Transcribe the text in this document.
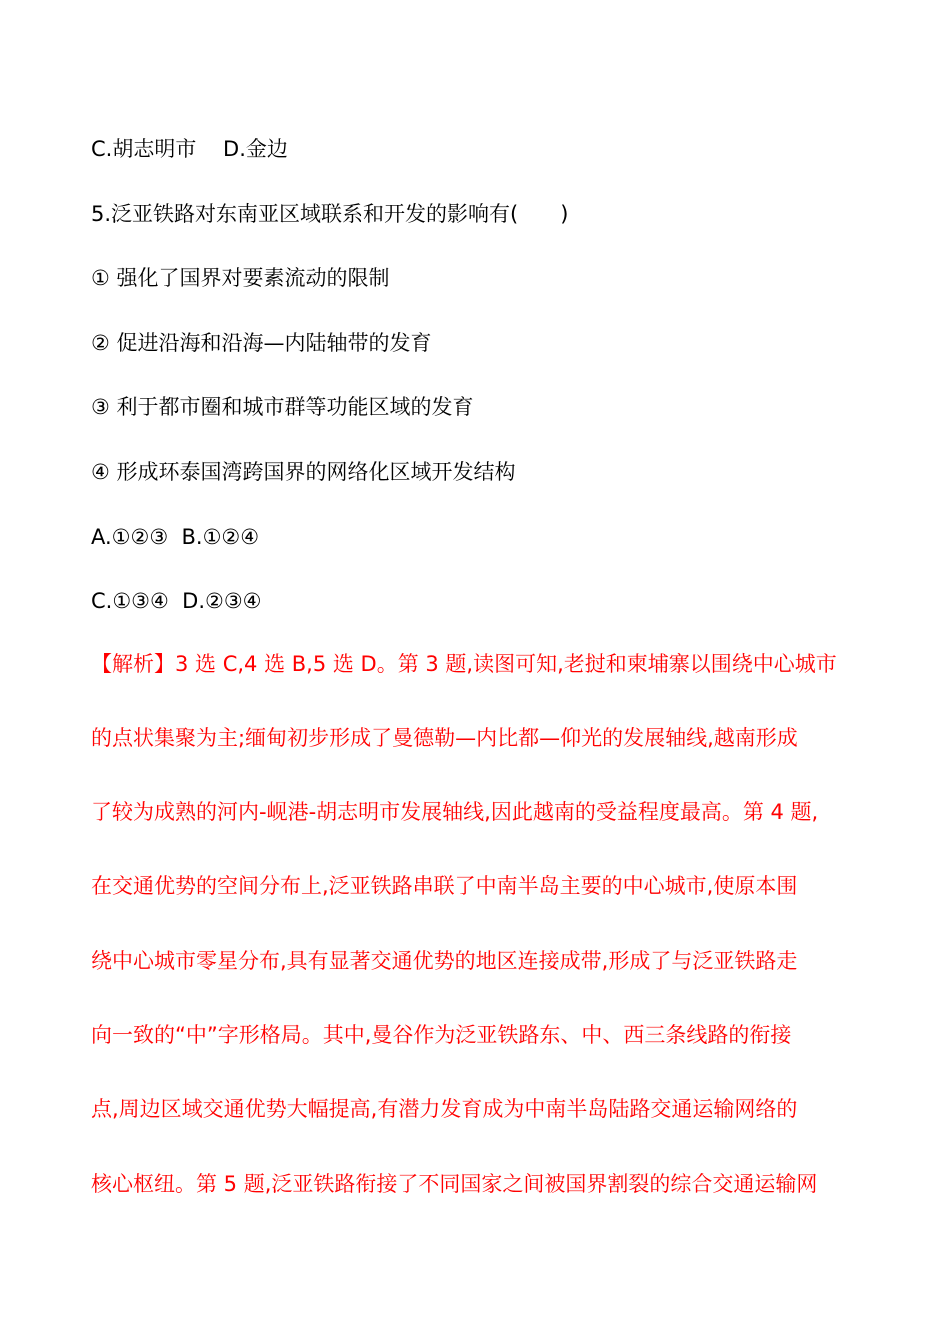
C.胡志明市    D.金边

5.泛亚铁路对东南亚区域联系和开发的影响有(　　)

① 强化了国界对要素流动的限制

② 促进沿海和沿海—内陆轴带的发育

③ 利于都市圈和城市群等功能区域的发育

④ 形成环泰国湾跨国界的网络化区域开发结构

A.①②③  B.①②④

C.①③④  D.②③④

【解析】3 选 C,4 选 B,5 选 D。第 3 题,读图可知,老挝和柬埔寨以围绕中心城市

的点状集聚为主;缅甸初步形成了曼德勒—内比都—仰光的发展轴线,越南形成

了较为成熟的河内-岘港-胡志明市发展轴线,因此越南的受益程度最高。第 4 题,

在交通优势的空间分布上,泛亚铁路串联了中南半岛主要的中心城市,使原本围

绕中心城市零星分布,具有显著交通优势的地区连接成带,形成了与泛亚铁路走

向一致的“中”字形格局。其中,曼谷作为泛亚铁路东、中、西三条线路的衔接

点,周边区域交通优势大幅提高,有潜力发育成为中南半岛陆路交通运输网络的

核心枢纽。第 5 题,泛亚铁路衔接了不同国家之间被国界割裂的综合交通运输网
